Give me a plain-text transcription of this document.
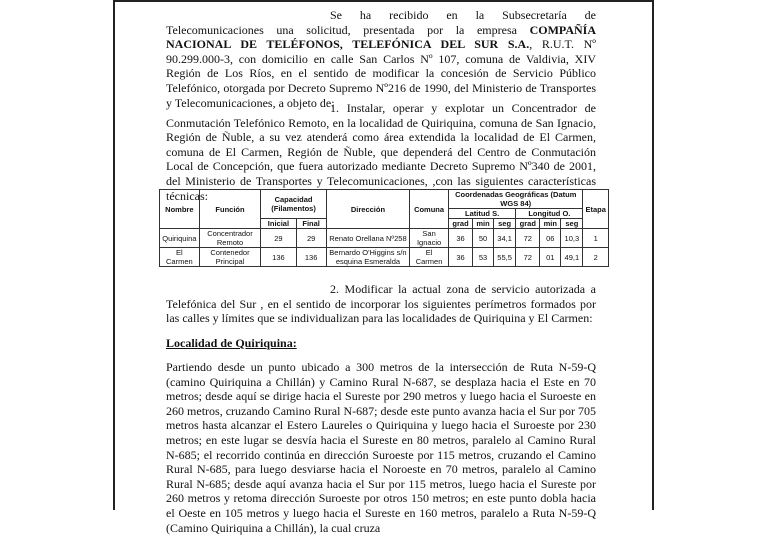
Se ha recibido en la Subsecretaría de Telecomunicaciones una solicitud, presentada por la empresa COMPAÑÍA NACIONAL DE TELÉFONOS, TELEFÓNICA DEL SUR S.A., R.U.T. Nº 90.299.000-3, con domicilio en calle San Carlos Nº 107, comuna de Valdivia, XIV Región de Los Ríos, en el sentido de modificar la concesión de Servicio Público Telefónico, otorgada por Decreto Supremo Nº216 de 1990, del Ministerio de Transportes y Telecomunicaciones, a objeto de:
1. Instalar, operar y explotar un Concentrador de Conmutación Telefónico Remoto, en la localidad de Quiriquina, comuna de San Ignacio, Región de Ñuble, a su vez atenderá como área extendida la localidad de El Carmen, comuna de El Carmen, Región de Ñuble, que dependerá del Centro de Conmutación Local de Concepción, que fuera autorizado mediante Decreto Supremo Nº340 de 2001, del Ministerio de Transportes y Telecomunicaciones, ,con las siguientes características técnicas:
Nombre	Función	Capacidad (Filamentos)		Dirección	Comuna	Coordenadas Geográficas (Datum WGS 84)						Etapa
						Latitud S.			Longitud O.			
		Inicial	Final			grad	min	seg	grad	min	seg	
Quiriquina	Concentrador Remoto	29	29	Renato Orellana Nº258	San Ignacio	36	50	34,1	72	06	10,3	1
El Carmen	Contenedor Principal	136	136	Bernardo O'Higgins s/n esquina Esmeralda	El Carmen	36	53	55,5	72	01	49,1	2
2. Modificar la actual zona de servicio autorizada a Telefónica del Sur , en el sentido de incorporar los siguientes perímetros formados por las calles y límites que se individualizan para las localidades de Quiriquina y El Carmen:
Localidad de Quiriquina:
Partiendo desde un punto ubicado a 300 metros de la intersección de Ruta N-59-Q (camino Quiriquina a Chillán) y Camino Rural N-687, se desplaza hacia el Este en 70 metros; desde aquí se dirige hacia el Sureste por 290 metros y luego hacia el Suroeste en 260 metros, cruzando Camino Rural N-687; desde este punto avanza hacia el Sur por 705 metros hasta alcanzar el Estero Laureles o Quiriquina y luego hacia el Suroeste por 230 metros; en este lugar se desvía hacia el Sureste en 80 metros, paralelo al Camino Rural N-685; el recorrido continúa en dirección Suroeste por 115 metros, cruzando el Camino Rural N-685, para luego desviarse hacia el Noroeste en 70 metros, paralelo al Camino Rural N-685; desde aquí avanza hacia el Sur por 115 metros, luego hacia el Sureste por 260 metros y retoma dirección Suroeste por otros 150 metros; en este punto dobla hacia el Oeste en 105 metros y luego hacia el Sureste en 160 metros, paralelo a Ruta N-59-Q (Camino Quiriquina a Chillán), la cual cruza
